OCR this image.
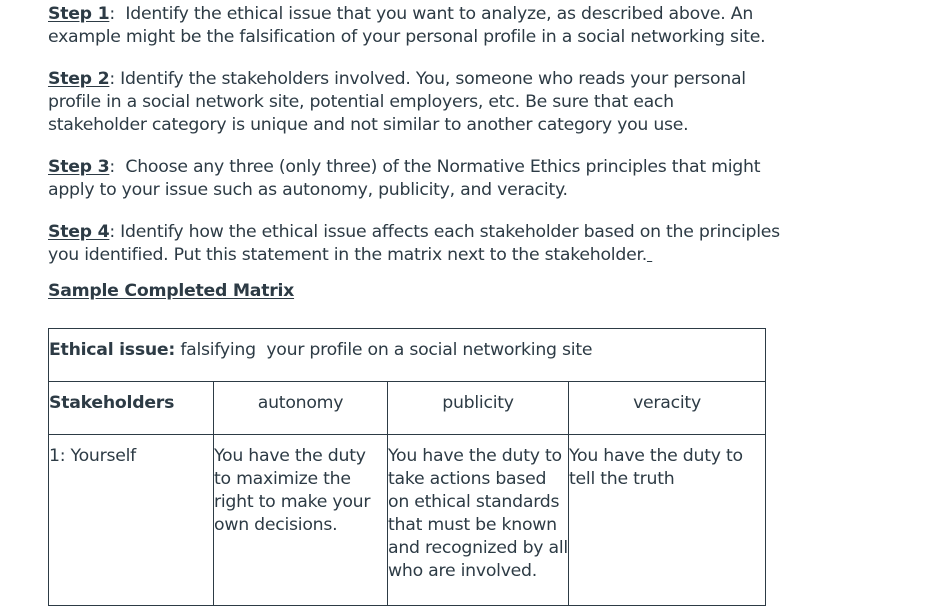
Step 1:  Identify the ethical issue that you want to analyze, as described above. An example might be the falsification of your personal profile in a social networking site.

Step 2: Identify the stakeholders involved. You, someone who reads your personal profile in a social network site, potential employers, etc. Be sure that each stakeholder category is unique and not similar to another category you use.

Step 3:  Choose any three (only three) of the Normative Ethics principles that might apply to your issue such as autonomy, publicity, and veracity.

Step 4: Identify how the ethical issue affects each stakeholder based on the principles you identified. Put this statement in the matrix next to the stakeholder.

Sample Completed Matrix

Ethical issue: falsifying  your profile on a social networking site			
Stakeholders	autonomy	publicity	veracity
1: Yourself	You have the duty to maximize the right to make your own decisions.	You have the duty to take actions based on ethical standards that must be known and recognized by all who are involved.	You have the duty to tell the truth
